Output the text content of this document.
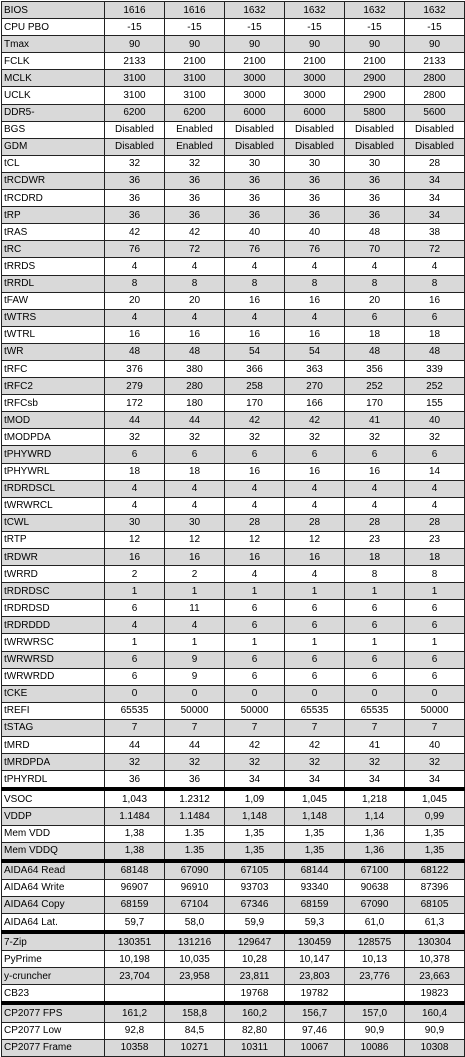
BIOS	1616	1616	1632	1632	1632	1632
CPU PBO	-15	-15	-15	-15	-15	-15
Tmax	90	90	90	90	90	90
FCLK	2133	2100	2100	2100	2100	2133
MCLK	3100	3100	3000	3000	2900	2800
UCLK	3100	3100	3000	3000	2900	2800
DDR5-	6200	6200	6000	6000	5800	5600
BGS	Disabled	Enabled	Disabled	Disabled	Disabled	Disabled
GDM	Disabled	Enabled	Disabled	Disabled	Disabled	Disabled
tCL	32	32	30	30	30	28
tRCDWR	36	36	36	36	36	34
tRCDRD	36	36	36	36	36	34
tRP	36	36	36	36	36	34
tRAS	42	42	40	40	48	38
tRC	76	72	76	76	70	72
tRRDS	4	4	4	4	4	4
tRRDL	8	8	8	8	8	8
tFAW	20	20	16	16	20	16
tWTRS	4	4	4	4	6	6
tWTRL	16	16	16	16	18	18
tWR	48	48	54	54	48	48
tRFC	376	380	366	363	356	339
tRFC2	279	280	258	270	252	252
tRFCsb	172	180	170	166	170	155
tMOD	44	44	42	42	41	40
tMODPDA	32	32	32	32	32	32
tPHYWRD	6	6	6	6	6	6
tPHYWRL	18	18	16	16	16	14
tRDRDSCL	4	4	4	4	4	4
tWRWRCL	4	4	4	4	4	4
tCWL	30	30	28	28	28	28
tRTP	12	12	12	12	23	23
tRDWR	16	16	16	16	18	18
tWRRD	2	2	4	4	8	8
tRDRDSC	1	1	1	1	1	1
tRDRDSD	6	11	6	6	6	6
tRDRDDD	4	4	6	6	6	6
tWRWRSC	1	1	1	1	1	1
tWRWRSD	6	9	6	6	6	6
tWRWRDD	6	9	6	6	6	6
tCKE	0	0	0	0	0	0
tREFI	65535	50000	50000	65535	65535	50000
tSTAG	7	7	7	7	7	7
tMRD	44	44	42	42	41	40
tMRDPDA	32	32	32	32	32	32
tPHYRDL	36	36	34	34	34	34
VSOC	1,043	1.2312	1,09	1,045	1,218	1,045
VDDP	1.1484	1.1484	1,148	1,148	1,14	0,99
Mem VDD	1,38	1.35	1,35	1,35	1,36	1,35
Mem VDDQ	1,38	1.35	1,35	1,35	1,36	1,35
AIDA64 Read	68148	67090	67105	68144	67100	68122
AIDA64 Write	96907	96910	93703	93340	90638	87396
AIDA64 Copy	68159	67104	67346	68159	67090	68105
AIDA64 Lat.	59,7	58,0	59,9	59,3	61,0	61,3
7-Zip	130351	131216	129647	130459	128575	130304
PyPrime	10,198	10,035	10,28	10,147	10,13	10,378
y-cruncher	23,704	23,958	23,811	23,803	23,776	23,663
CB23			19768	19782		19823
CP2077 FPS	161,2	158,8	160,2	156,7	157,0	160,4
CP2077 Low	92,8	84,5	82,80	97,46	90,9	90,9
CP2077 Frame	10358	10271	10311	10067	10086	10308
